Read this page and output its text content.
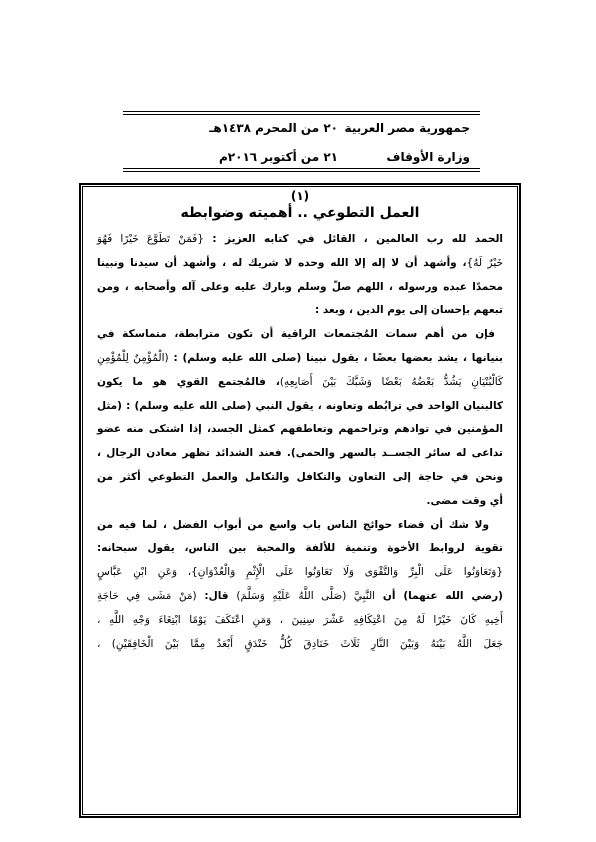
جمهورية مصر العربية
٢٠ من المحرم ١٤٣٨هـ
وزارة الأوقاف
٢١ من أكتوبر ٢٠١٦م
(١)
العمل التطوعي .. أهميته وضوابطه
الحمد لله رب العالمين ، القائل في كتابه العزيز : {فَمَنْ تَطَوَّعَ خَيْرًا فَهُوَ
خَيْرٌ لَهُ}، وأشهد أن لا إله إلا الله وحده لا شريك له ، وأشهد أن سيدنا ونبينا
محمدًا عبده ورسوله ، اللهم صلّ وسلم وبارك عليه وعلى آله وأصحابه ، ومن
تبعهم بإحسان إلى يوم الدين ، وبعد :
فإن من أهم سمات المُجتمعات الراقية أن تكون مترابطة، متماسكة في
بنيانها ، يشد بعضها بعضًا ، يقول نبينا (صلى الله عليه وسلم) : (الْمُؤْمِنُ لِلْمُؤْمِنِ
كَالْبُنْيَانِ يَشُدُّ بَعْضُهُ بَعْضًا وَشَبَّكَ بَيْنَ أَصَابِعِهِ)، فالمُجتمع القوي هو ما يكون
كالبنيان الواحد في ترابُطه وتعاونه ، يقول النبي (صلى الله عليه وسلم) : (مثل
المؤمنين في توادهم وتراحمهم وتعاطفهم كمثل الجسد، إذا اشتكى منه عضو
تداعى له سائر الجســد بالسهر والحمى). فعند الشدائد تظهر معادن الرجال ،
ونحن في حاجة إلى التعاون والتكافل والتكامل والعمل التطوعي أكثر من
أي وقت مضى.
ولا شك أن قضاء حوائج الناس باب واسع من أبواب الفضل ، لما فيه من
تقوية لروابط الأخوة وتنمية للألفة والمحبة بين الناس، يقول سبحانه:
{وَتَعَاوَنُوا عَلَى الْبِرِّ وَالتَّقْوَى وَلَا تَعَاوَنُوا عَلَى الْإِثْمِ وَالْعُدْوَانِ}، وَعَنِ ابْنِ عَبَّاسٍ
(رضي الله عنهما) أن النَّبِيَّ (صَلَّى اللَّهُ عَلَيْهِ وَسَلَّمَ) قال: (مَنْ مَشَى فِي حَاجَةِ
أَخِيهِ كَانَ خَيْرًا لَهُ مِنَ اعْتِكَافِهِ عَشْرَ سِنِينَ ، وَمَنِ اعْتَكَفَ يَوْمًا ابْتِغَاءَ وَجْهِ اللَّهِ ،
جَعَلَ اللَّهُ بَيْنَهُ وَبَيْنَ النَّارِ ثَلَاثَ خَنَادِقَ كُلُّ خَنْدَقٍ أَبْعَدُ مِمَّا بَيْنَ الْخَافِقَيْنِ) ،
